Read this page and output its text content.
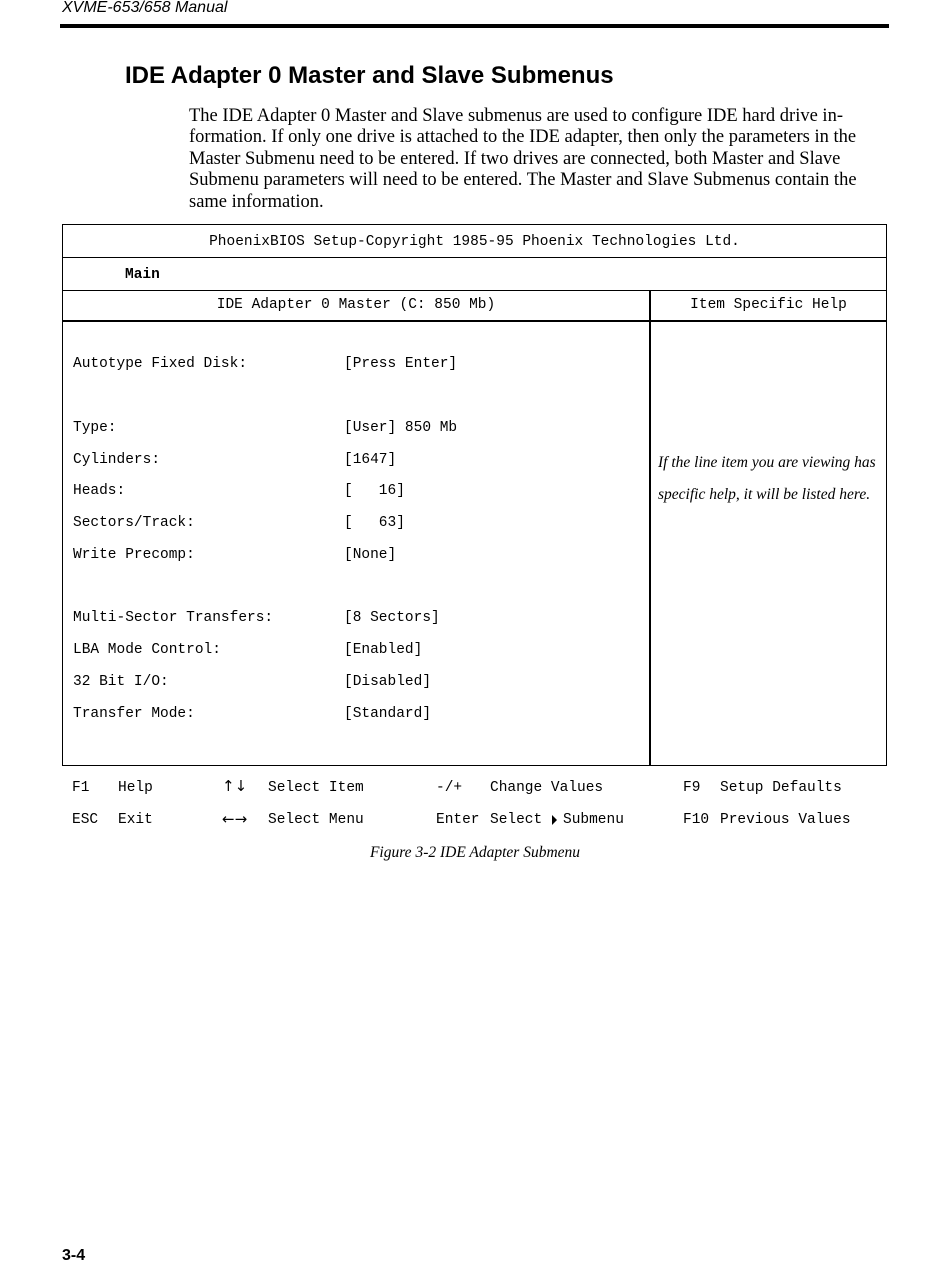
XVME-653/658 Manual
IDE Adapter 0 Master and Slave Submenus

The IDE Adapter 0 Master and Slave submenus are used to configure IDE hard drive in-formation. If only one drive is attached to the IDE adapter, then only the parameters in the Master Submenu need to be entered. If two drives are connected, both Master and Slave Submenu parameters will need to be entered. The Master and Slave Submenus contain the same information.

PhoenixBIOS Setup-Copyright 1985-95 Phoenix Technologies Ltd.
Main
IDE Adapter 0 Master (C: 850 Mb)	Item Specific Help
Autotype Fixed Disk:	[Press Enter]
Type:	[User] 850 Mb
Cylinders:	[1647]
Heads:	[   16]
Sectors/Track:	[   63]
Write Precomp:	[None]
Multi-Sector Transfers:	[8 Sectors]
LBA Mode Control:	[Enabled]
32 Bit I/O:	[Disabled]
Transfer Mode:	[Standard]
If the line item you are viewing has specific help, it will be listed here.
F1 Help	↑↓ Select Item	-/+ Change Values	F9 Setup Defaults
ESC Exit	←→ Select Menu	Enter Select Submenu	F10 Previous Values
Figure 3-2 IDE Adapter Submenu
3-4
